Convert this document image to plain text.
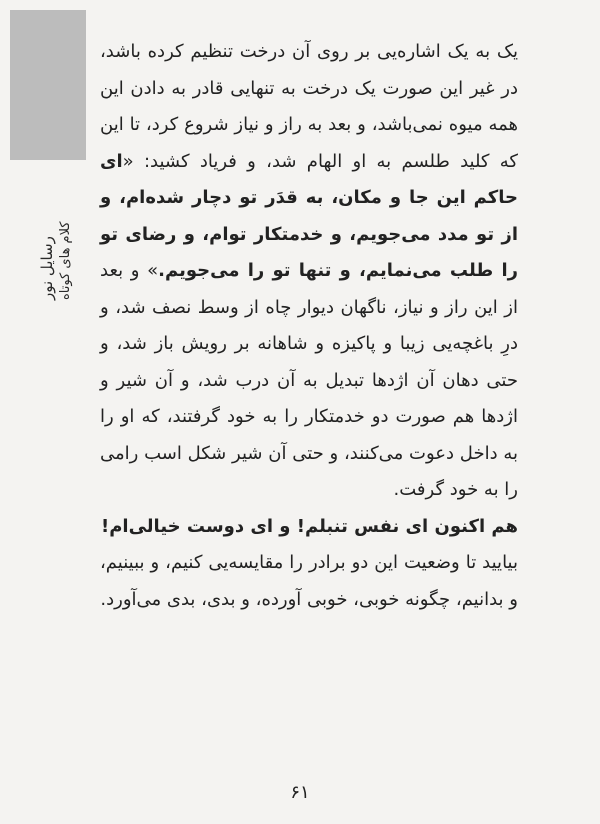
رسایل نور کلام های کوتاه

یک به یک اشاره‌یی بر روی آن درخت تنظیم کرده باشد، در غیر این صورت یک درخت به تنهایی قادر به دادن این همه میوه نمی‌باشد، و بعد به راز و نیاز شروع کرد، تا این که کلید طلسم به او الهام شد، و فریاد کشید: «ای حاکم این جا و مکان، به قدَر تو دچار شده‌ام، و از تو مدد می‌جویم، و خدمتکار توام، و رضای تو را طلب می‌نمایم، و تنها تو را می‌جویم.» و بعد از این راز و نیاز، ناگهان دیوار چاه از وسط نصف شد، و درِ باغچه‌یی زیبا و پاکیزه و شاهانه بر رویش باز شد، و حتی دهان آن اژدها تبدیل به آن درب شد، و آن شیر و اژدها هم صورت دو خدمتکار را به خود گرفتند، که او را به داخل دعوت می‌کنند، و حتی آن شیر شکل اسب رامی را به خود گرفت.

هم اکنون ای نفس تنبلم! و ای دوست خیالی‌ام!

بیایید تا وضعیت این دو برادر را مقایسه‌یی کنیم، و ببینیم، و بدانیم، چگونه خوبی، خوبی آورده، و بدی، بدی می‌آورد.

۶۱
